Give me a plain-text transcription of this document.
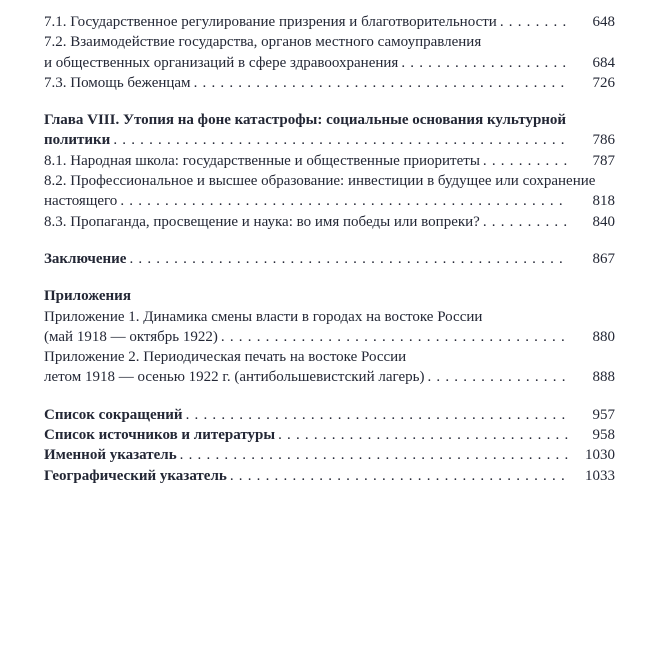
7.1. Государственное регулирование призрения и благотворительности .....	648
7.2. Взаимодействие государства, органов местного самоуправления
и общественных организаций в сфере здравоохранения .....	684
7.3. Помощь беженцам .....	726
Глава VIII. Утопия на фоне катастрофы: социальные основания культурной
политики .....	786
8.1. Народная школа: государственные и общественные приоритеты .....	787
8.2. Профессиональное и высшее образование: инвестиции в будущее или сохранение
настоящего .....	818
8.3. Пропаганда, просвещение и наука: во имя победы или вопреки? .....	840
Заключение .....	867
Приложения
Приложение 1. Динамика смены власти в городах на востоке России
(май 1918 — октябрь 1922) .....	880
Приложение 2. Периодическая печать на востоке России
летом 1918 — осенью 1922 г. (антибольшевистский лагерь) .....	888
Список сокращений .....	957
Список источников и литературы .....	958
Именной указатель .....	1030
Географический указатель .....	1033
